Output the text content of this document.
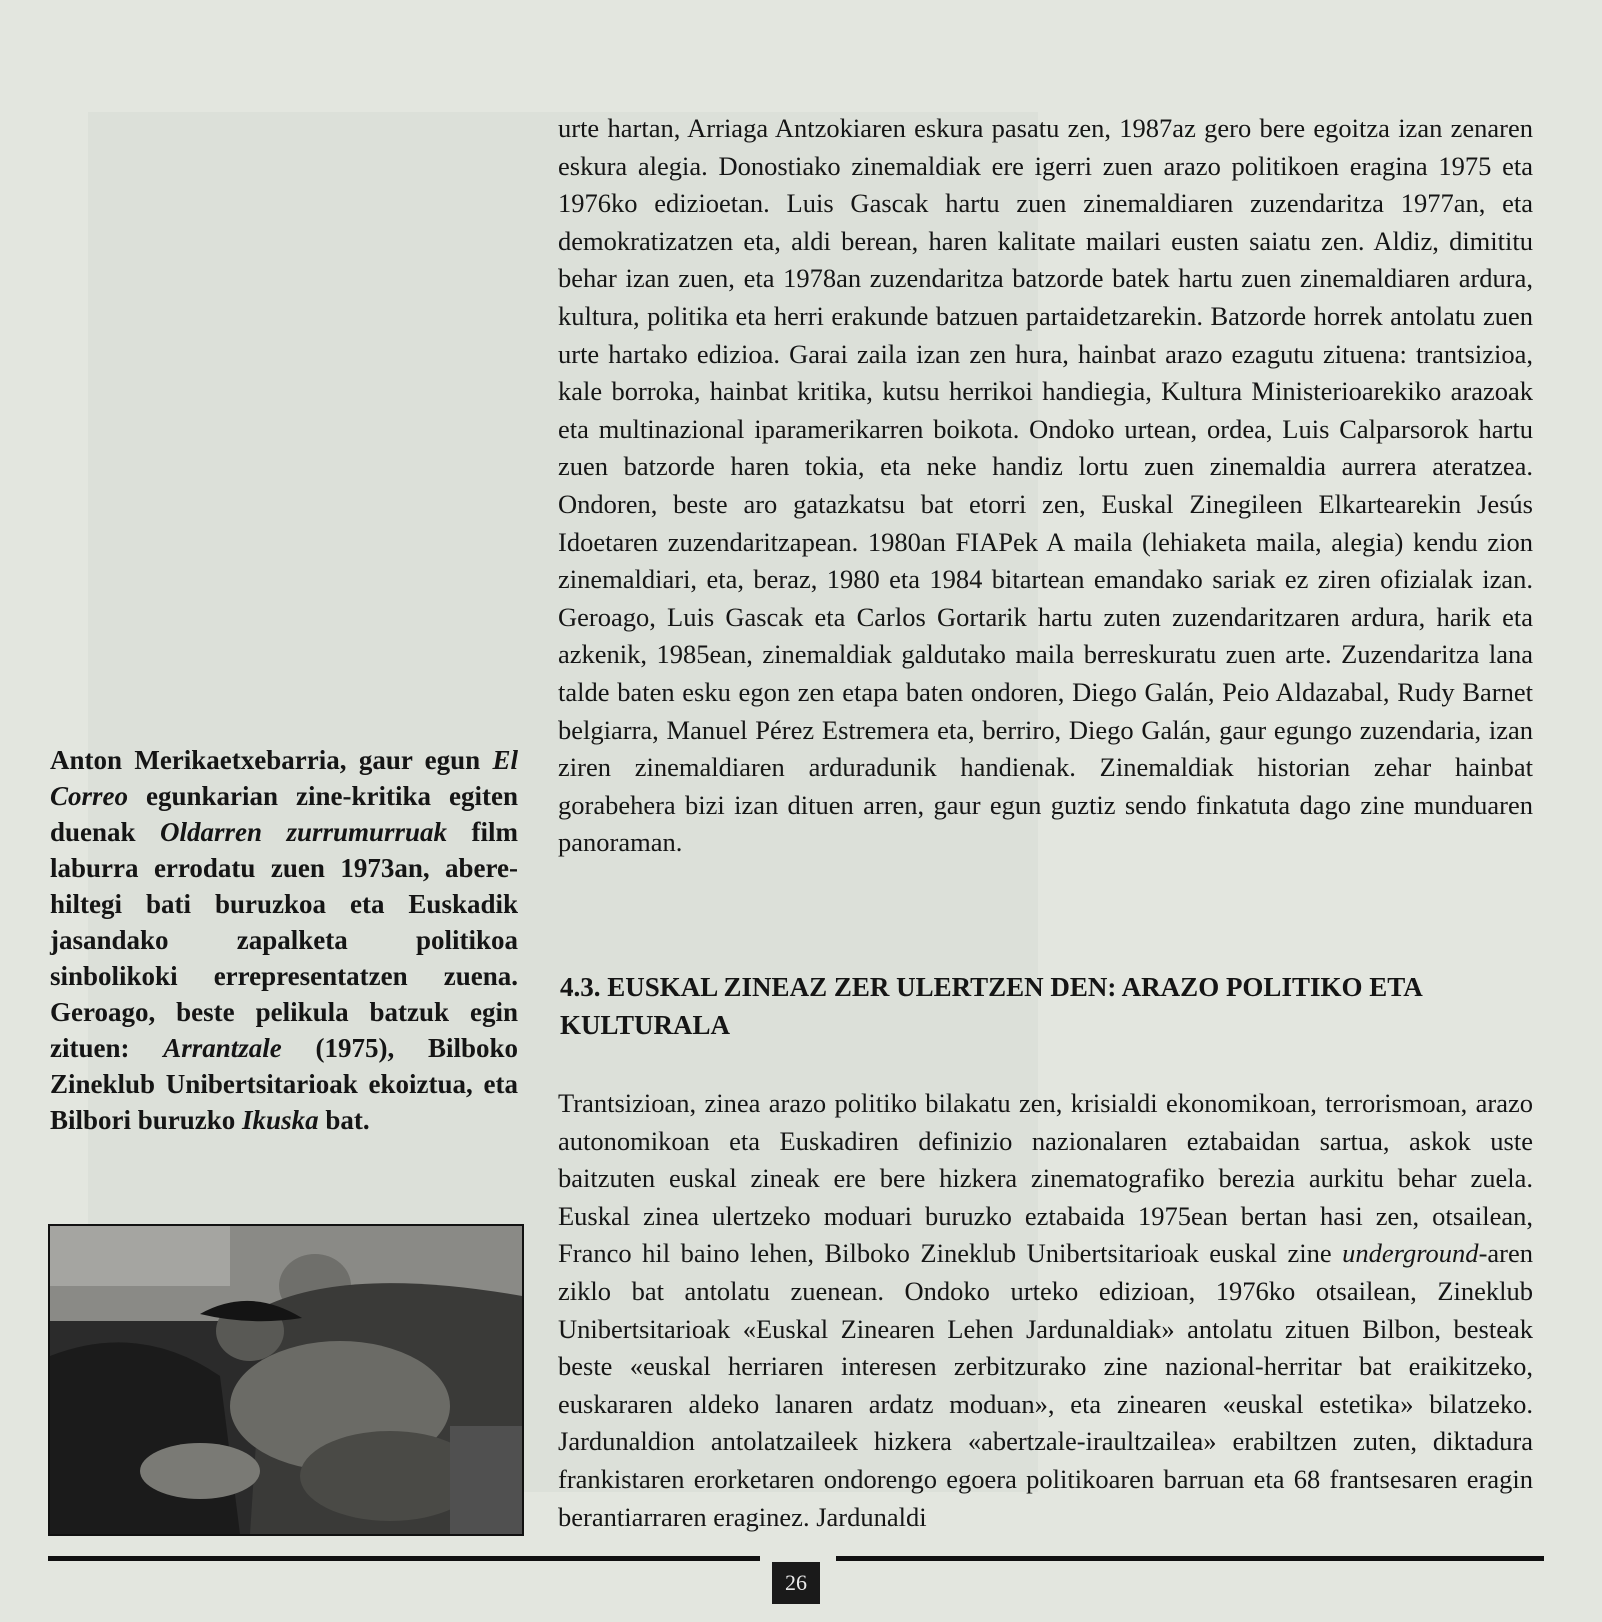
Anton Merikaetxebarria, gaur egun El Correo egunkarian zine-kritika egiten duenak Oldarren zurrumurruak film laburra errodatu zuen 1973an, abere-hiltegi bati buruzkoa eta Euskadik jasandako zapalketa politikoa sinbolikoki errepresentatzen zuena. Geroago, beste pelikula batzuk egin zituen: Arrantzale (1975), Bilboko Zineklub Unibertsitarioak ekoiztua, eta Bilbori buruzko Ikuska bat.
urte hartan, Arriaga Antzokiaren eskura pasatu zen, 1987az gero bere egoitza izan zenaren eskura alegia. Donostiako zinemaldiak ere igerri zuen arazo politikoen eragina 1975 eta 1976ko edizioetan. Luis Gascak hartu zuen zinemaldiaren zuzendaritza 1977an, eta demokratizatzen eta, aldi berean, haren kalitate mailari eusten saiatu zen. Aldiz, dimititu behar izan zuen, eta 1978an zuzendaritza batzorde batek hartu zuen zinemaldiaren ardura, kultura, politika eta herri erakunde batzuen partaidetzarekin. Batzorde horrek antolatu zuen urte hartako edizioa. Garai zaila izan zen hura, hainbat arazo ezagutu zituena: trantsizioa, kale borroka, hainbat kritika, kutsu herrikoi handiegia, Kultura Ministerioarekiko arazoak eta multinazional iparamerikarren boikota. Ondoko urtean, ordea, Luis Calparsorok hartu zuen batzorde haren tokia, eta neke handiz lortu zuen zinemaldia aurrera ateratzea. Ondoren, beste aro gatazkatsu bat etorri zen, Euskal Zinegileen Elkartearekin Jesús Idoetaren zuzendaritzapean. 1980an FIAPek A maila (lehiaketa maila, alegia) kendu zion zinemaldiari, eta, beraz, 1980 eta 1984 bitartean emandako sariak ez ziren ofizialak izan. Geroago, Luis Gascak eta Carlos Gortarik hartu zuten zuzendaritzaren ardura, harik eta azkenik, 1985ean, zinemaldiak galdutako maila berreskuratu zuen arte. Zuzendaritza lana talde baten esku egon zen etapa baten ondoren, Diego Galán, Peio Aldazabal, Rudy Barnet belgiarra, Manuel Pérez Estremera eta, berriro, Diego Galán, gaur egungo zuzendaria, izan ziren zinemaldiaren arduradunik handienak. Zinemaldiak historian zehar hainbat gorabehera bizi izan dituen arren, gaur egun guztiz sendo finkatuta dago zine munduaren panoraman.
4.3. EUSKAL ZINEAZ ZER ULERTZEN DEN: ARAZO POLITIKO ETA KULTURALA
Trantsizioan, zinea arazo politiko bilakatu zen, krisialdi ekonomikoan, terrorismoan, arazo autonomikoan eta Euskadiren definizio nazionalaren eztabaidan sartua, askok uste baitzuten euskal zineak ere bere hizkera zinematografiko berezia aurkitu behar zuela. Euskal zinea ulertzeko moduari buruzko eztabaida 1975ean bertan hasi zen, otsailean, Franco hil baino lehen, Bilboko Zineklub Unibertsitarioak euskal zine underground-aren ziklo bat antolatu zuenean. Ondoko urteko edizioan, 1976ko otsailean, Zineklub Unibertsitarioak «Euskal Zinearen Lehen Jardunaldiak» antolatu zituen Bilbon, besteak beste «euskal herriaren interesen zerbitzurako zine nazional-herritar bat eraikitzeko, euskararen aldeko lanaren ardatz moduan», eta zinearen «euskal estetika» bilatzeko. Jardunaldion antolatzaileek hizkera «abertzale-iraultzailea» erabiltzen zuten, diktadura frankistaren erorketaren ondorengo egoera politikoaren barruan eta 68 frantsesaren eragin berantiarraren eraginez. Jardunaldi
26
